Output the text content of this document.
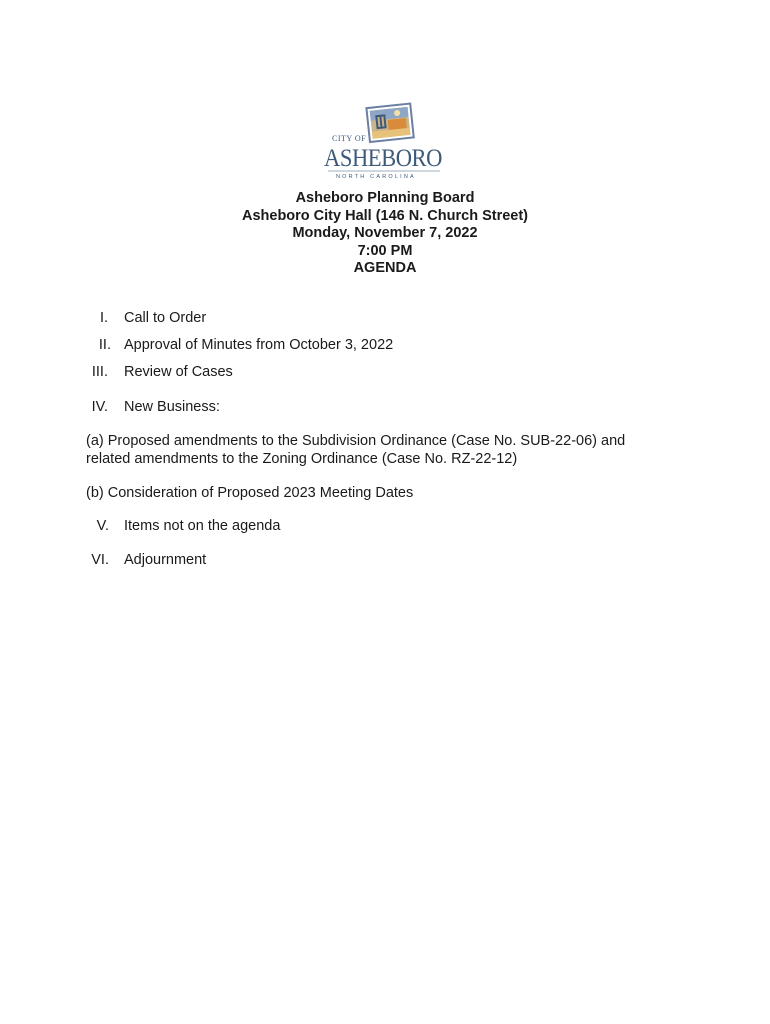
CITY OF
ASHEBORO
NORTH CAROLINA
Asheboro Planning Board
Asheboro City Hall (146 N. Church Street)
Monday, November 7, 2022
7:00 PM
AGENDA
I. Call to Order
II. Approval of Minutes from October 3, 2022
III. Review of Cases
IV. New Business:
(a) Proposed amendments to the Subdivision Ordinance (Case No. SUB-22-06) and
related amendments to the Zoning Ordinance (Case No. RZ-22-12)
(b) Consideration of Proposed 2023 Meeting Dates
V. Items not on the agenda
VI. Adjournment
